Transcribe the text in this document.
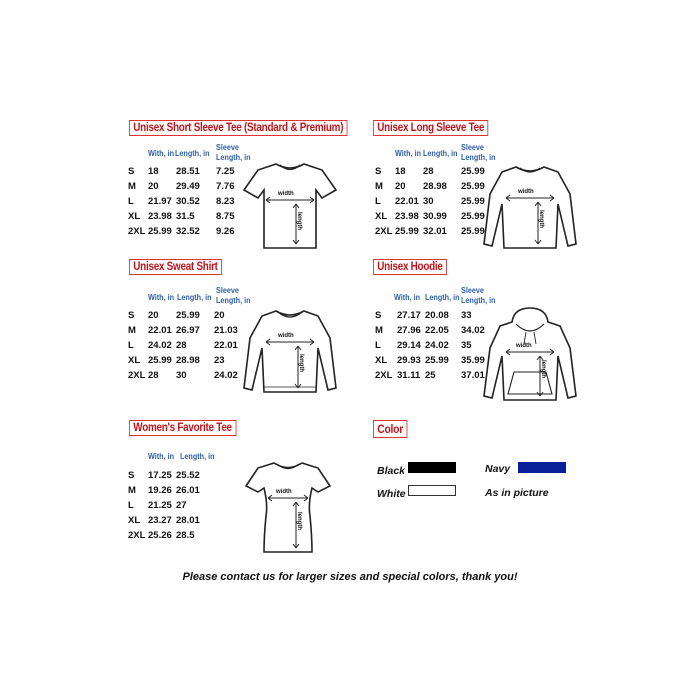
Unisex Short Sleeve Tee (Standard & Premium)
With, in Length, in
Sleeve
Length, in
S 18 28.51 7.25
M 20 29.49 7.76
L 21.97 30.52 8.23
XL 23.98 31.5 8.75
2XL 25.99 32.52 9.26
width
length
Unisex Long Sleeve Tee
With, in Length, in
Sleeve
Length, in
S 18 28	25.99
M 20 28.98 25.99
L 22.01 30	25.99
XL 23.98 30.99 25.99
2XL 25.99 32.01 25.99
width
length
Unisex Sweat Shirt
With, in Length, in
Sleeve
Length, in
S 20 25.99 20
M 22.01 26.97 21.03
L 24.02 28	22.01
XL 25.99 28.98 23
2XL 28 30	24.02
width
length
Unisex Hoodie
With, in Length, in
Sleeve
Length, in
S 27.17 20.08 33
M 27.96 22.05 34.02
L 29.14 24.02 35
XL 29.93 25.99 35.99
2XL 31.11 25	37.01
width
length
Women's Favorite Tee
With, in Length, in
S 17.25 25.52
M 19.26 26.01
L 21.25 27
XL 23.27 28.01
2XL 25.26 28.5
width
length
Color
Black	Navy
White	As in picture
Please contact us for larger sizes and special colors, thank you!
